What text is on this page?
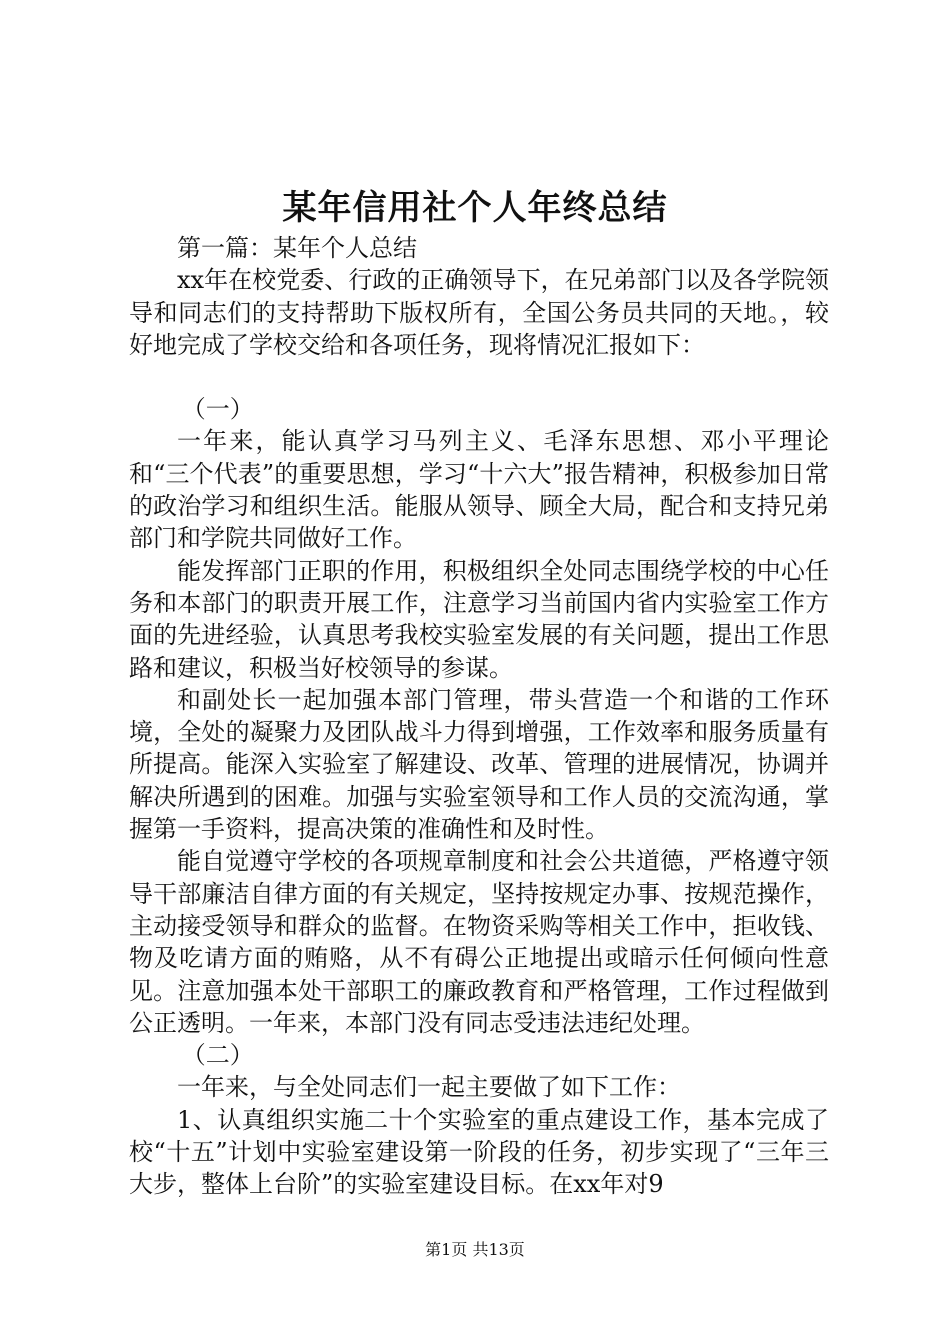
某年信用社个人年终总结

第一篇：某年个人总结

xx年在校党委、行政的正确领导下，在兄弟部门以及各学院领导和同志们的支持帮助下版权所有，全国公务员共同的天地。，较好地完成了学校交给和各项任务，现将情况汇报如下：

（一）

一年来，能认真学习马列主义、毛泽东思想、邓小平理论和“三个代表”的重要思想，学习“十六大”报告精神，积极参加日常的政治学习和组织生活。能服从领导、顾全大局，配合和支持兄弟部门和学院共同做好工作。

能发挥部门正职的作用，积极组织全处同志围绕学校的中心任务和本部门的职责开展工作，注意学习当前国内省内实验室工作方面的先进经验，认真思考我校实验室发展的有关问题，提出工作思路和建议，积极当好校领导的参谋。

和副处长一起加强本部门管理，带头营造一个和谐的工作环境，全处的凝聚力及团队战斗力得到增强，工作效率和服务质量有所提高。能深入实验室了解建设、改革、管理的进展情况，协调并解决所遇到的困难。加强与实验室领导和工作人员的交流沟通，掌握第一手资料，提高决策的准确性和及时性。

能自觉遵守学校的各项规章制度和社会公共道德，严格遵守领导干部廉洁自律方面的有关规定，坚持按规定办事、按规范操作，主动接受领导和群众的监督。在物资采购等相关工作中，拒收钱、物及吃请方面的贿赂，从不有碍公正地提出或暗示任何倾向性意见。注意加强本处干部职工的廉政教育和严格管理，工作过程做到公正透明。一年来，本部门没有同志受违法违纪处理。

（二）

一年来，与全处同志们一起主要做了如下工作：

1、认真组织实施二十个实验室的重点建设工作，基本完成了校“十五”计划中实验室建设第一阶段的任务，初步实现了“三年三大步，整体上台阶”的实验室建设目标。在xx年对9

第1页 共13页
